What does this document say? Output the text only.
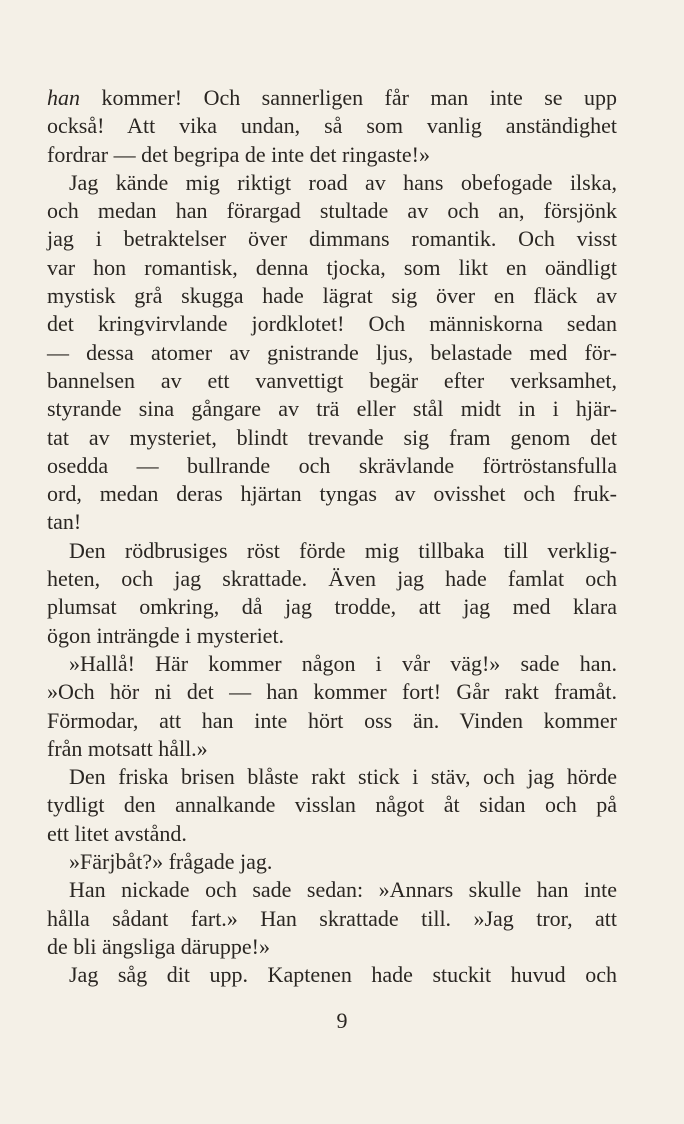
han kommer! Och sannerligen får man inte se upp
också! Att vika undan, så som vanlig anständighet
fordrar — det begripa de inte det ringaste!»
Jag kände mig riktigt road av hans obefogade ilska,
och medan han förargad stultade av och an, försjönk
jag i betraktelser över dimmans romantik. Och visst
var hon romantisk, denna tjocka, som likt en oändligt
mystisk grå skugga hade lägrat sig över en fläck av
det kringvirvlande jordklotet! Och människorna sedan
— dessa atomer av gnistrande ljus, belastade med för-
bannelsen av ett vanvettigt begär efter verksamhet,
styrande sina gångare av trä eller stål midt in i hjär-
tat av mysteriet, blindt trevande sig fram genom det
osedda — bullrande och skrävlande förtröstansfulla
ord, medan deras hjärtan tyngas av ovisshet och fruk-
tan!
Den rödbrusiges röst förde mig tillbaka till verklig-
heten, och jag skrattade. Även jag hade famlat och
plumsat omkring, då jag trodde, att jag med klara
ögon inträngde i mysteriet.
»Hallå! Här kommer någon i vår väg!» sade han.
»Och hör ni det — han kommer fort! Går rakt framåt.
Förmodar, att han inte hört oss än. Vinden kommer
från motsatt håll.»
Den friska brisen blåste rakt stick i stäv, och jag hörde
tydligt den annalkande visslan något åt sidan och på
ett litet avstånd.
»Färjbåt?» frågade jag.
Han nickade och sade sedan: »Annars skulle han inte
hålla sådant fart.» Han skrattade till. »Jag tror, att
de bli ängsliga däruppe!»
Jag såg dit upp. Kaptenen hade stuckit huvud och
9
